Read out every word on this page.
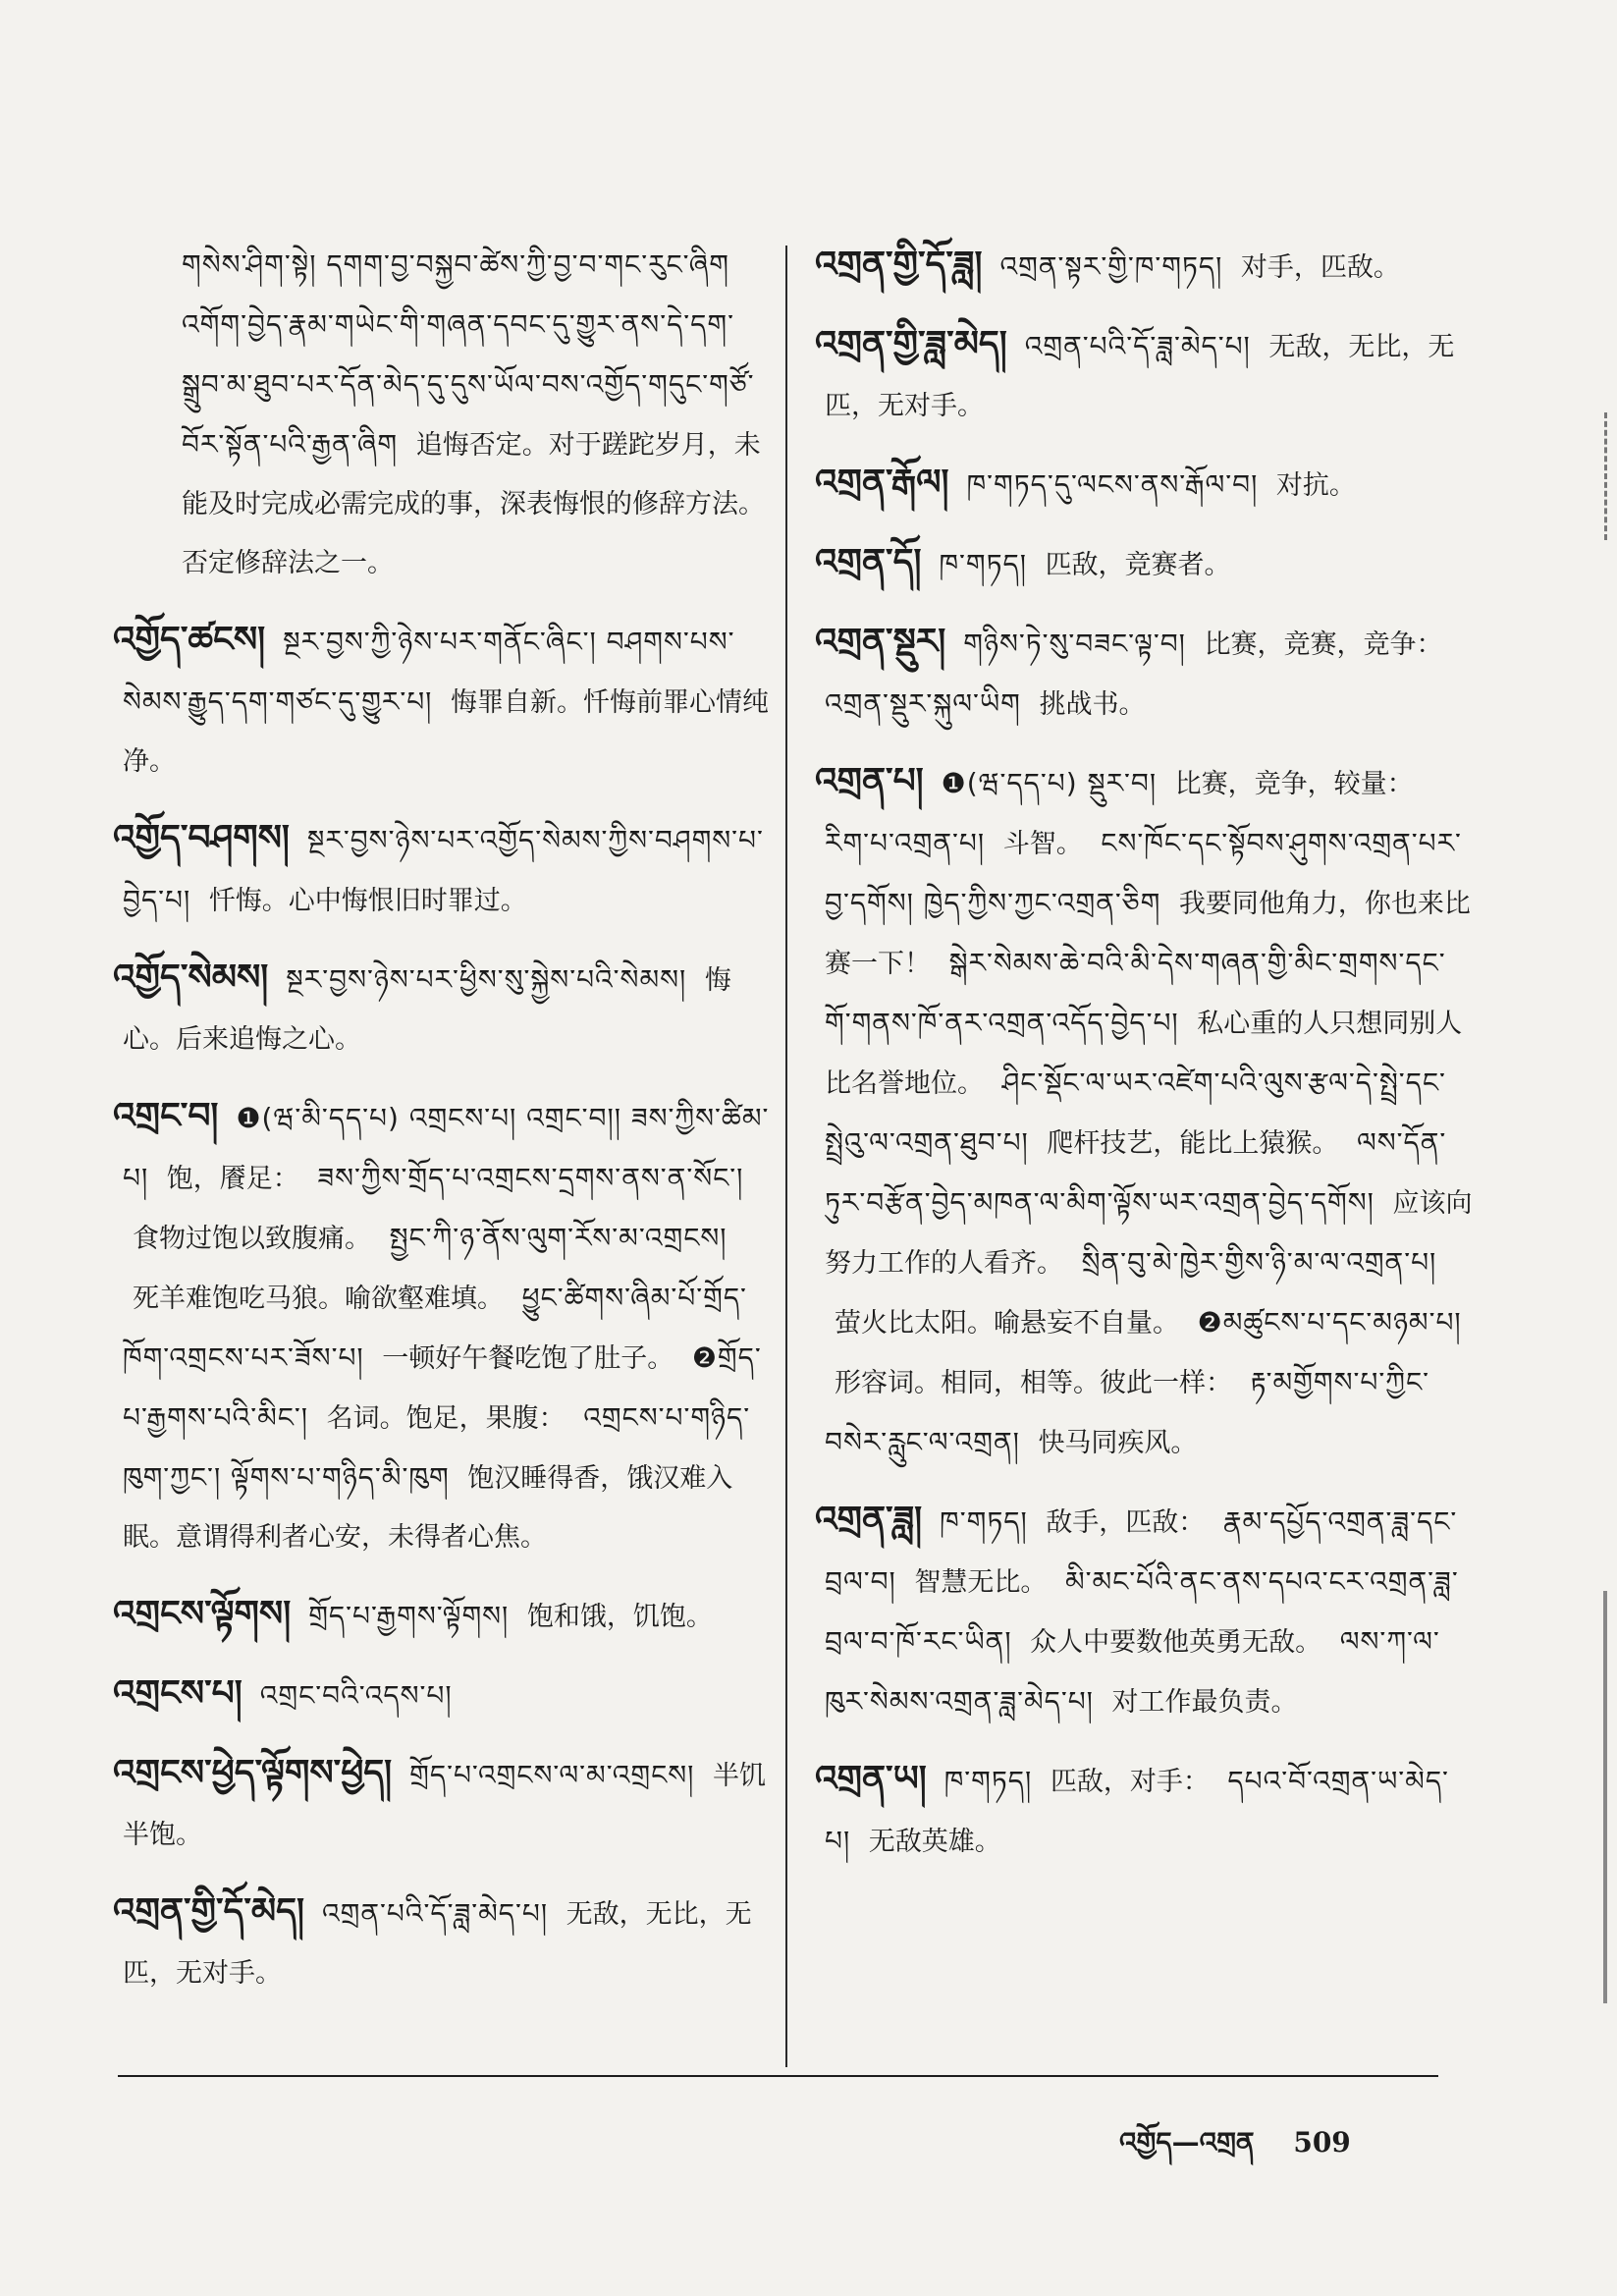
གསེས་ཤིག་སྟེ། དགག་བྱ་བསྐྱབ་ཚེས་ཀྱི་བྱ་བ་གང་རུང་ཞིག འགོག་བྱེད་རྣམ་གཡེང་གི་གཞན་དབང་དུ་གྱུར་ནས་དེ་དག་སྒྲུབ་མ་ཐུབ་པར་དོན་མེད་དུ་དུས་ཡོལ་བས་འགྱོད་གདུང་གཙོ་བོར་སྟོན་པའི་རྒྱན་ཞིག 追悔否定。对于蹉跎岁月，未能及时完成必需完成的事，深表悔恨的修辞方法。否定修辞法之一。
འགྱོད་ཚངས། སྔར་བྱས་ཀྱི་ཉེས་པར་གནོང་ཞིང་། བཤགས་པས་སེམས་རྒྱུད་དག་གཙང་དུ་གྱུར་པ། 悔罪自新。忏悔前罪心情纯净。
འགྱོད་བཤགས། སྔར་བྱས་ཉེས་པར་འགྱོད་སེམས་ཀྱིས་བཤགས་པ་བྱེད་པ། 忏悔。心中悔恨旧时罪过。
འགྱོད་སེམས། སྔར་བྱས་ཉེས་པར་ཕྱིས་སུ་སྐྱེས་པའི་སེམས། 悔心。后来追悔之心。
འགྲང་བ། ❶(ཝ་མི་དད་པ) འགྲངས་པ། འགྲང་བ།། ཟས་ཀྱིས་ཚིམ་པ། 饱，餍足： ཟས་ཀྱིས་གྲོད་པ་འགྲངས་དྲགས་ནས་ན་སོང་། 食物过饱以致腹痛。 སྤྱང་ཀི་ཉ་ནོས་ལུག་རོས་མ་འགྲངས། 死羊难饱吃马狼。喻欲壑难填。 ཕྱུང་ཚིགས་ཞིམ་པོ་གྲོད་ཁོག་འགྲངས་པར་ཟོས་པ། 一顿好午餐吃饱了肚子。 ❷གྲོད་པ་རྒྱགས་པའི་མིང་། 名词。饱足，果腹： འགྲངས་པ་གཉིད་ཁུག་ཀྱང་། ལྟོགས་པ་གཉིད་མི་ཁུག 饱汉睡得香，饿汉难入眠。意谓得利者心安，未得者心焦。
འགྲངས་ལྟོགས། གྲོད་པ་རྒྱགས་ལྟོགས། 饱和饿，饥饱。
འགྲངས་པ། འགྲང་བའི་འདས་པ།
འགྲངས་ཕྱེད་ལྟོགས་ཕྱེད། གྲོད་པ་འགྲངས་ལ་མ་འགྲངས། 半饥半饱。
འགྲན་གྱི་དོ་མེད། འགྲན་པའི་དོ་ཟླ་མེད་པ། 无敌，无比，无匹，无对手。
འགྲན་གྱི་དོ་ཟླ། འགྲན་སྟར་གྱི་ཁ་གཏད། 对手，匹敌。
འགྲན་གྱི་ཟླ་མེད། འགྲན་པའི་དོ་ཟླ་མེད་པ། 无敌，无比，无匹，无对手。
འགྲན་རྒོལ། ཁ་གཏད་དུ་ལངས་ནས་རྒོལ་བ། 对抗。
འགྲན་དོ། ཁ་གཏད། 匹敌，竞赛者。
འགྲན་སྡུར། གཉིས་ཏེ་སུ་བཟང་ལྟ་བ། 比赛，竞赛，竞争： འགྲན་སྡུར་སྐུལ་ཡིག 挑战书。
འགྲན་པ། ❶(ཝ་དད་པ) སྡུར་བ། 比赛，竞争，较量： རིག་པ་འགྲན་པ། 斗智。 ངས་ཁོང་དང་སྟོབས་ཤུགས་འགྲན་པར་བྱ་དགོས། ཁྱེད་ཀྱིས་ཀྱང་འགྲན་ཅིག 我要同他角力，你也来比赛一下！ སྒེར་སེམས་ཆེ་བའི་མི་དེས་གཞན་གྱི་མིང་གྲགས་དང་གོ་གནས་ཁོ་ནར་འགྲན་འདོད་བྱེད་པ། 私心重的人只想同别人比名誉地位。 ཤིང་སྡོང་ལ་ཡར་འཛེག་པའི་ལུས་རྩལ་དེ་སྤྲེ་དང་སྤྲེའུ་ལ་འགྲན་ཐུབ་པ། 爬杆技艺，能比上猿猴。 ལས་དོན་ཏུར་བརྩོན་བྱེད་མཁན་ལ་མིག་ལྟོས་ཡར་འགྲན་བྱེད་དགོས། 应该向努力工作的人看齐。 སྲིན་བུ་མེ་ཁྱེར་གྱིས་ཉི་མ་ལ་འགྲན་པ། 萤火比太阳。喻悬妄不自量。 ❷མཚུངས་པ་དང་མཉམ་པ། 形容词。相同，相等。彼此一样： རྟ་མགྱོགས་པ་ཀྱིང་བསེར་རླུང་ལ་འགྲན། 快马同疾风。
འགྲན་ཟླ། ཁ་གཏད། 敌手，匹敌： རྣམ་དཔྱོད་འགྲན་ཟླ་དང་བྲལ་བ། 智慧无比。 མི་མང་པོའི་ནང་ནས་དཔའ་ངར་འགྲན་ཟླ་བྲལ་བ་ཁོ་རང་ཡིན། 众人中要数他英勇无敌。 ལས་ཀ་ལ་ཁུར་སེམས་འགྲན་ཟླ་མེད་པ། 对工作最负责。
འགྲན་ཡ། ཁ་གཏད། 匹敌，对手： དཔའ་བོ་འགྲན་ཡ་མེད་པ། 无敌英雄。
འགྱོད—འགྲན 509
